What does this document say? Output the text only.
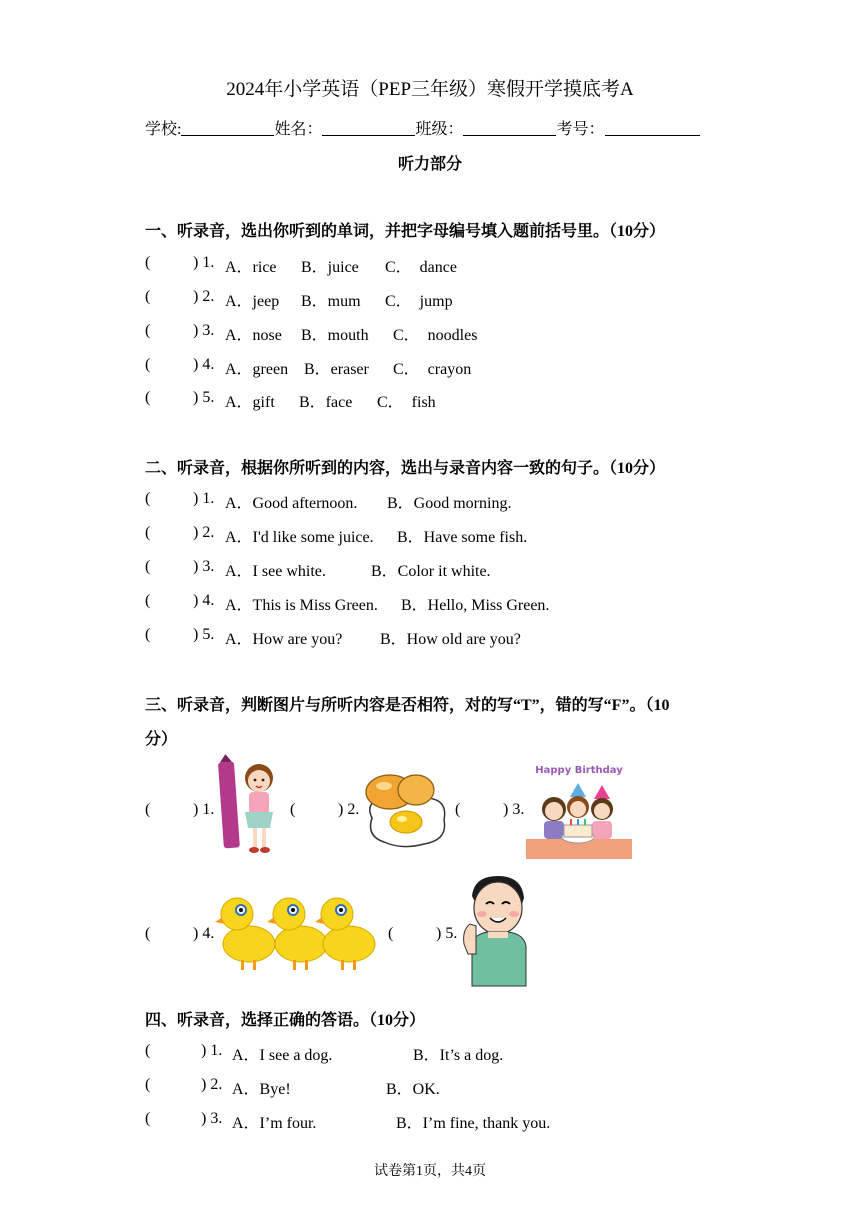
2024年小学英语（PEP三年级）寒假开学摸底考A
学校:	姓名：	班级：	考号：
听力部分
一、听录音，选出你听到的单词，并把字母编号填入题前括号里。（10分）
(	) 1. A．rice B．juice C．  dance
(	) 2. A．jeep B．mum C．  jump
(	) 3. A．nose B．mouth C．  noodles
(	) 4. A．green B．eraser C．  crayon
(	) 5. A．gift B．face C．  fish
二、听录音，根据你所听到的内容，选出与录音内容一致的句子。（10分）
(	) 1. A．Good afternoon. B．Good morning.
(	) 2. A．I'd like some juice. B．Have some fish.
(	) 3. A．I see white.	B．Color it white.
(	) 4. A．This is Miss Green. B．Hello, Miss Green.
(	) 5. A．How are you? B．How old are you?
三、听录音，判断图片与所听内容是否相符，对的写“T”，错的写“F”。（10
分）
(	) 1.	(	) 2.	(	) 3.
(	) 4.	(	) 5.
Happy Birthday
四、听录音，选择正确的答语。（10分）
(	) 1. A．I see a dog.	B．It’s a dog.
(	) 2. A．Bye!	B．OK.
(	) 3. A．I’m four.	B．I’m fine, thank you.
试卷第1页，共4页
